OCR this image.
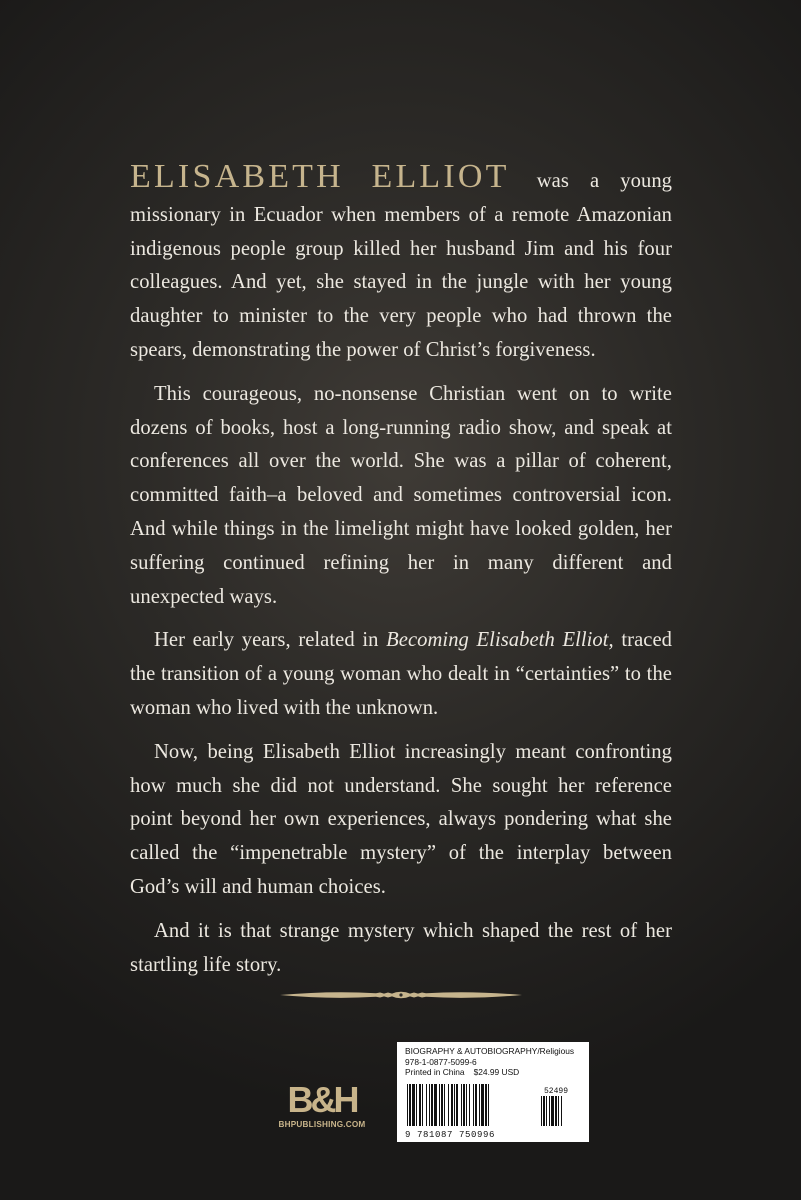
ELISABETH ELLIOT was a young missionary in Ecuador when members of a remote Amazonian indigenous people group killed her husband Jim and his four colleagues. And yet, she stayed in the jungle with her young daughter to minister to the very people who had thrown the spears, demonstrating the power of Christ’s forgiveness.

This courageous, no-nonsense Christian went on to write dozens of books, host a long-running radio show, and speak at conferences all over the world. She was a pillar of coherent, committed faith–a beloved and sometimes controversial icon. And while things in the limelight might have looked golden, her suffering continued refining her in many different and unexpected ways.

Her early years, related in Becoming Elisabeth Elliot, traced the transition of a young woman who dealt in “certainties” to the woman who lived with the unknown.

Now, being Elisabeth Elliot increasingly meant confronting how much she did not understand. She sought her reference point beyond her own experiences, always pondering what she called the “impenetrable mystery” of the interplay between God’s will and human choices.

And it is that strange mystery which shaped the rest of her startling life story.

B&H
BHPUBLISHING.COM
BIOGRAPHY & AUTOBIOGRAPHY/Religious
978-1-0877-5099-6
Printed in China $24.99 USD
52499
9 781087 750996
